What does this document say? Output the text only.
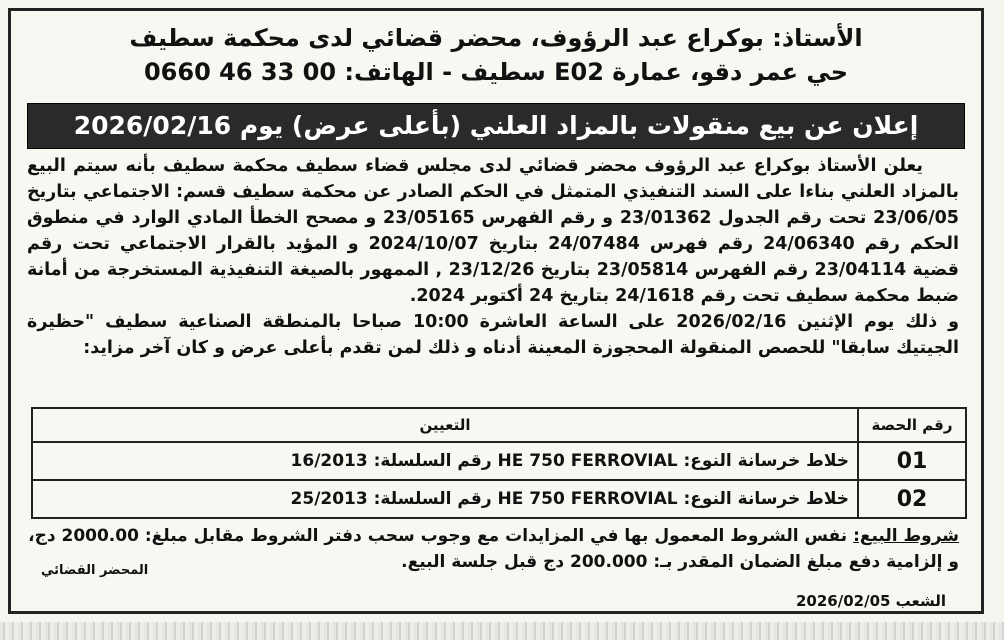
الأستاذ: بوكراع عبد الرؤوف، محضر قضائي لدى محكمة سطيف
حي عمر دقو، عمارة E02 سطيف - الهاتف: 00 33 46 0660
إعلان عن بيع منقولات بالمزاد العلني (بأعلى عرض) يوم 2026/02/16

يعلن الأستاذ بوكراع عبد الرؤوف محضر قضائي لدى مجلس قضاء سطيف محكمة سطيف بأنه سيتم البيع بالمزاد العلني بناءا على السند التنفيذي المتمثل في الحكم الصادر عن محكمة سطيف قسم: الاجتماعي بتاريخ 23/06/05 تحت رقم الجدول 23/01362 و رقم الفهرس 23/05165 و مصحح الخطأ المادي الوارد في منطوق الحكم رقم 24/06340 رقم فهرس 24/07484 بتاريخ 2024/10/07 و المؤيد بالقرار الاجتماعي تحت رقم قضية 23/04114 رقم الفهرس 23/05814 بتاريخ 23/12/26 , الممهور بالصيغة التنفيذية المستخرجة من أمانة ضبط محكمة سطيف تحت رقم 24/1618 بتاريخ 24 أكتوبر 2024.

و ذلك يوم الإثنين 2026/02/16 على الساعة العاشرة 10:00 صباحا بالمنطقة الصناعية سطيف "حظيرة الجيتيك سابقا" للحصص المنقولة المحجوزة المعينة أدناه و ذلك لمن تقدم بأعلى عرض و كان آخر مزايد:

رقم الحصة	التعيين
01	خلاط خرسانة النوع: HE 750 FERROVIAL رقم السلسلة: 16/2013
02	خلاط خرسانة النوع: HE 750 FERROVIAL رقم السلسلة: 25/2013

شروط البيع: نفس الشروط المعمول بها في المزايدات مع وجوب سحب دفتر الشروط مقابل مبلغ: 2000.00 دج،

و إلزامية دفع مبلغ الضمان المقدر بـ: 200.000 دج قبل جلسة البيع.

المحضر القضائي
الشعب 2026/02/05
